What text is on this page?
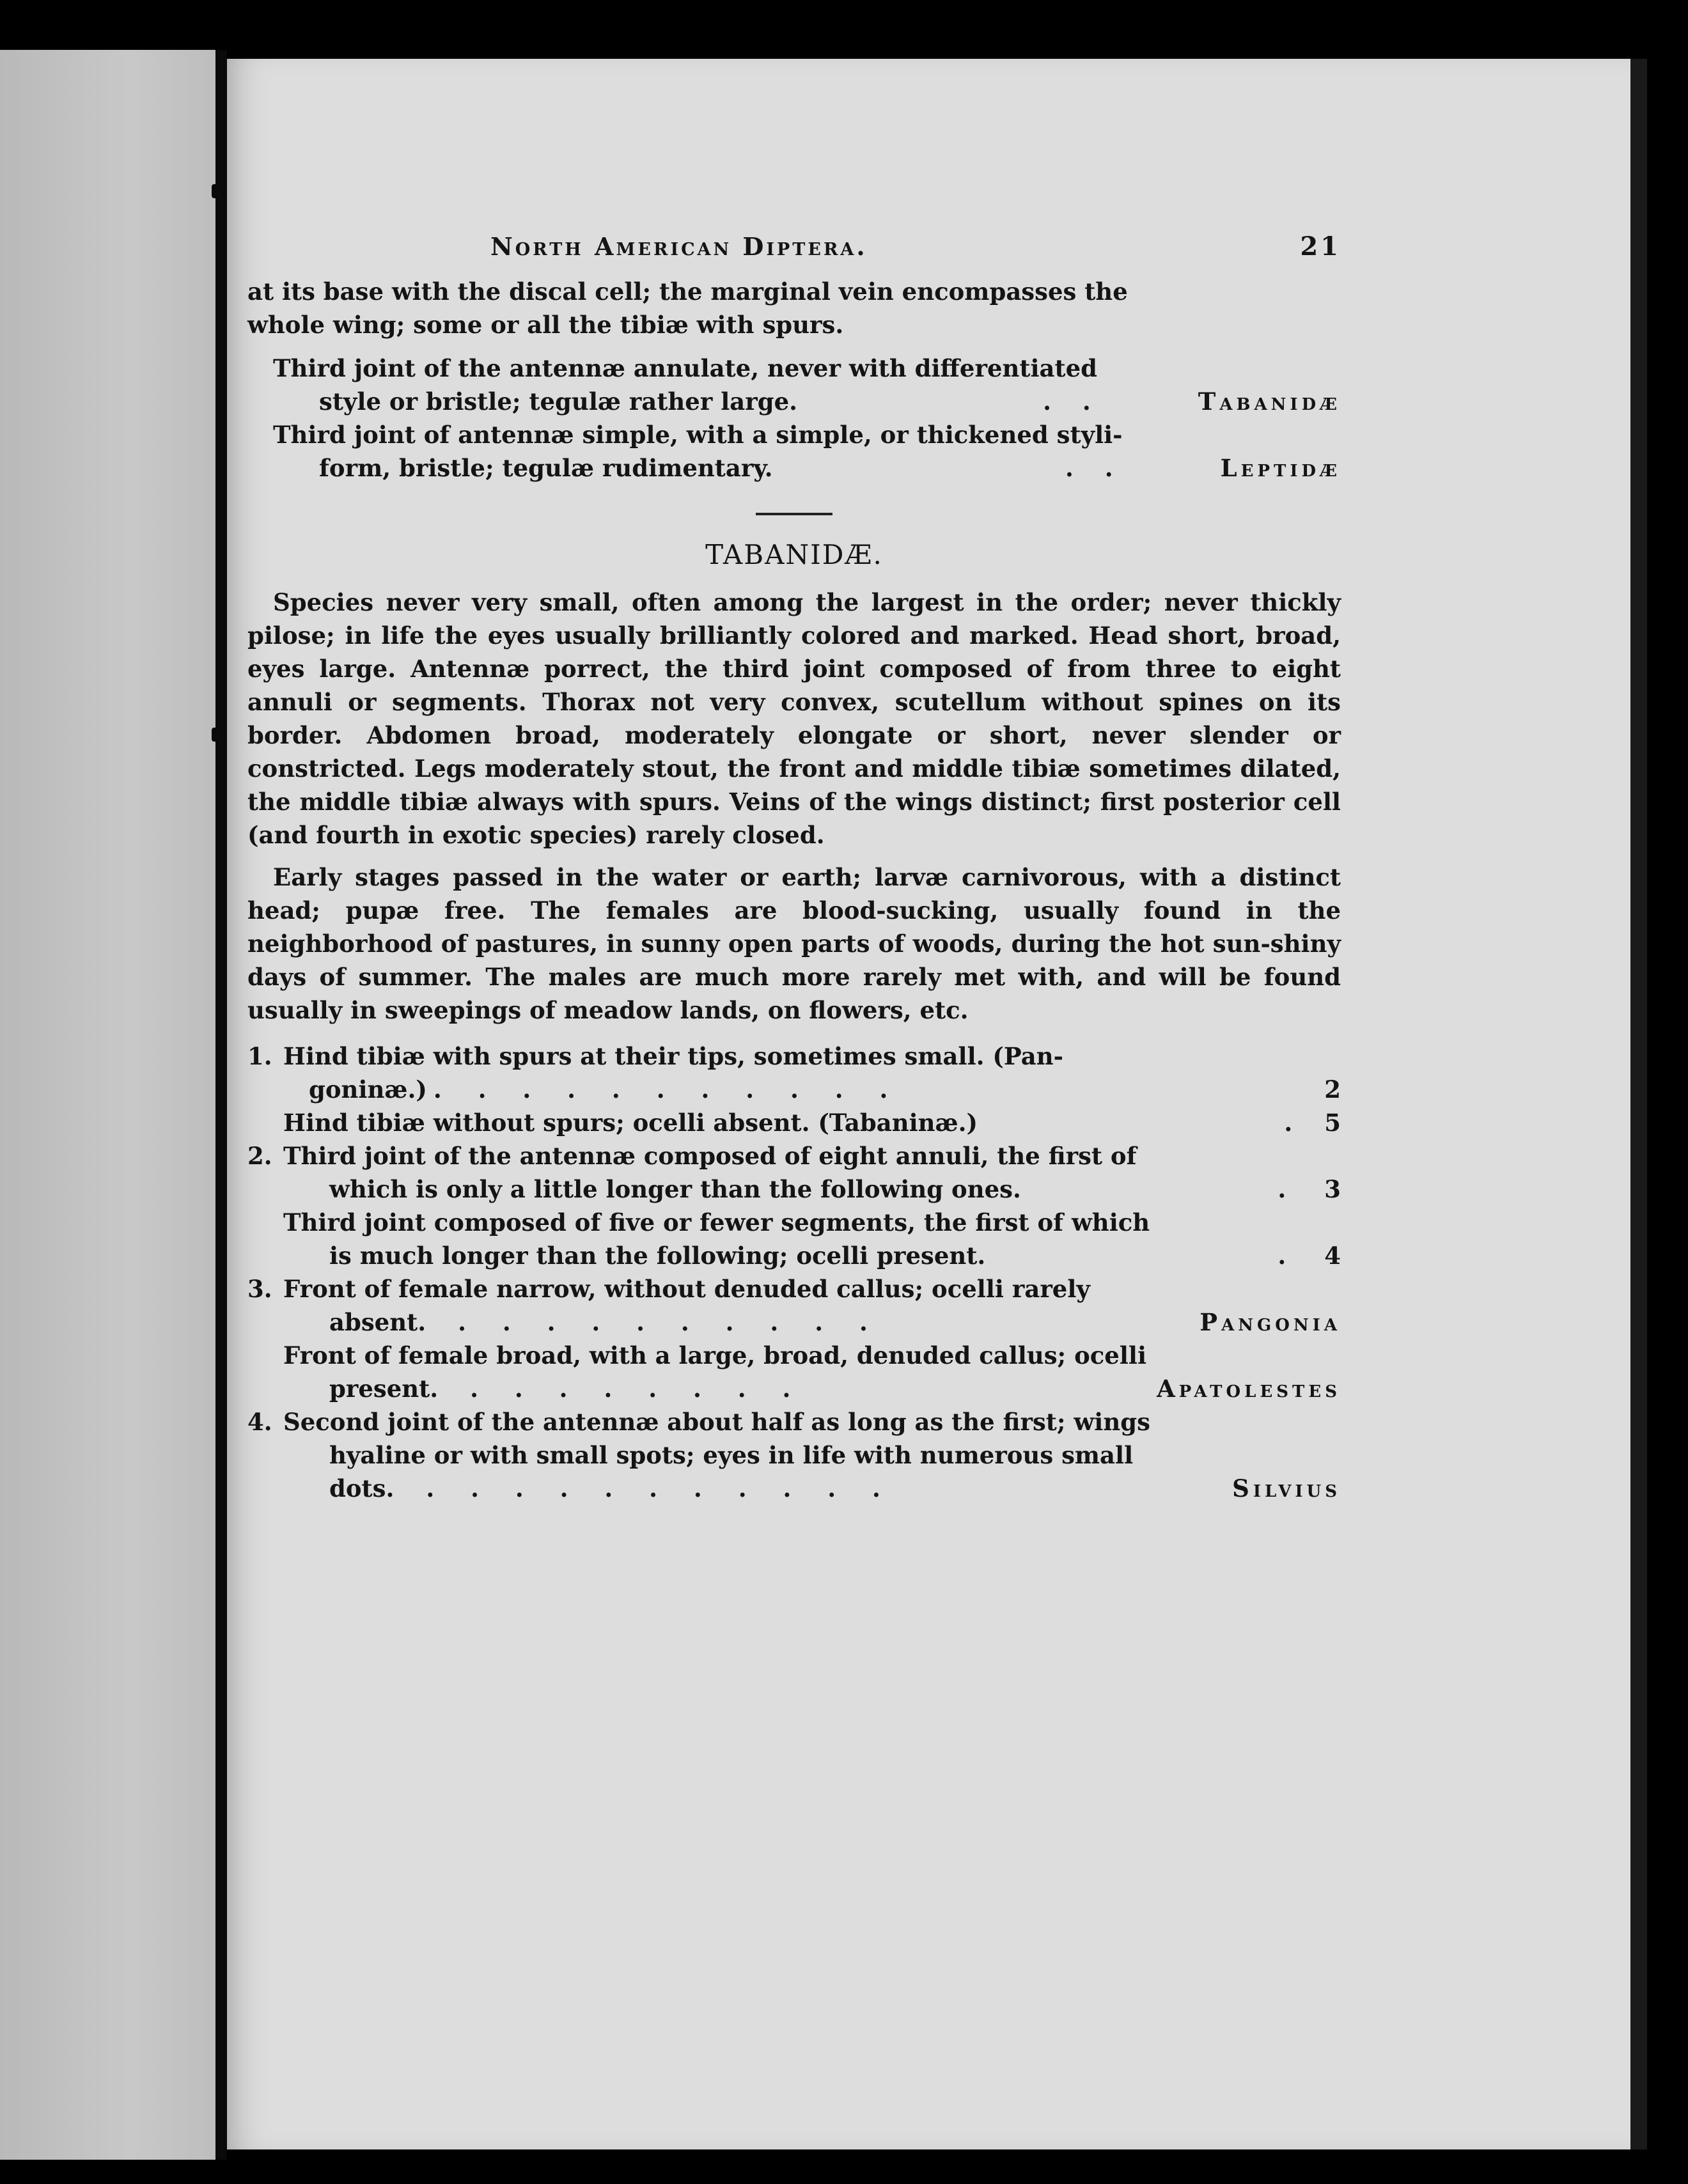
North American Diptera.	21
at its base with the discal cell; the marginal vein encompasses the
whole wing; some or all the tibiæ with spurs.
Third joint of the antennæ annulate, never with differentiated
style or bristle; tegulæ rather large.	. .	Tabanidæ
Third joint of antennæ simple, with a simple, or thickened styli-
form, bristle; tegulæ rudimentary.	. .	Leptidæ
TABANIDÆ.

Species never very small, often among the largest in the order; never thickly pilose; in life the eyes usually brilliantly colored and marked. Head short, broad, eyes large. Antennæ porrect, the third joint composed of from three to eight annuli or segments. Thorax not very convex, scutellum without spines on its border. Abdomen broad, moderately elongate or short, never slender or constricted. Legs moderately stout, the front and middle tibiæ sometimes dilated, the middle tibiæ always with spurs. Veins of the wings distinct; first posterior cell (and fourth in exotic species) rarely closed.

Early stages passed in the water or earth; larvæ carnivorous, with a distinct head; pupæ free. The females are blood-sucking, usually found in the neighborhood of pastures, in sunny open parts of woods, during the hot sun-shiny days of summer. The males are much more rarely met with, and will be found usually in sweepings of meadow lands, on flowers, etc.

1. Hind tibiæ with spurs at their tips, sometimes small. (Pan-
goninæ.) . . . . . . . . . . .	2
Hind tibiæ without spurs; ocelli absent. (Tabaninæ.)	.	5
2. Third joint of the antennæ composed of eight annuli, the first of
which is only a little longer than the following ones.	.	3
Third joint composed of five or fewer segments, the first of which
is much longer than the following; ocelli present.	.	4
3. Front of female narrow, without denuded callus; ocelli rarely
absent.	. . . . . . . . . .	Pangonia
Front of female broad, with a large, broad, denuded callus; ocelli
present.	. . . . . . . .	Apatolestes
4. Second joint of the antennæ about half as long as the first; wings
hyaline or with small spots; eyes in life with numerous small
dots.	. . . . . . . . . . .	Silvius
